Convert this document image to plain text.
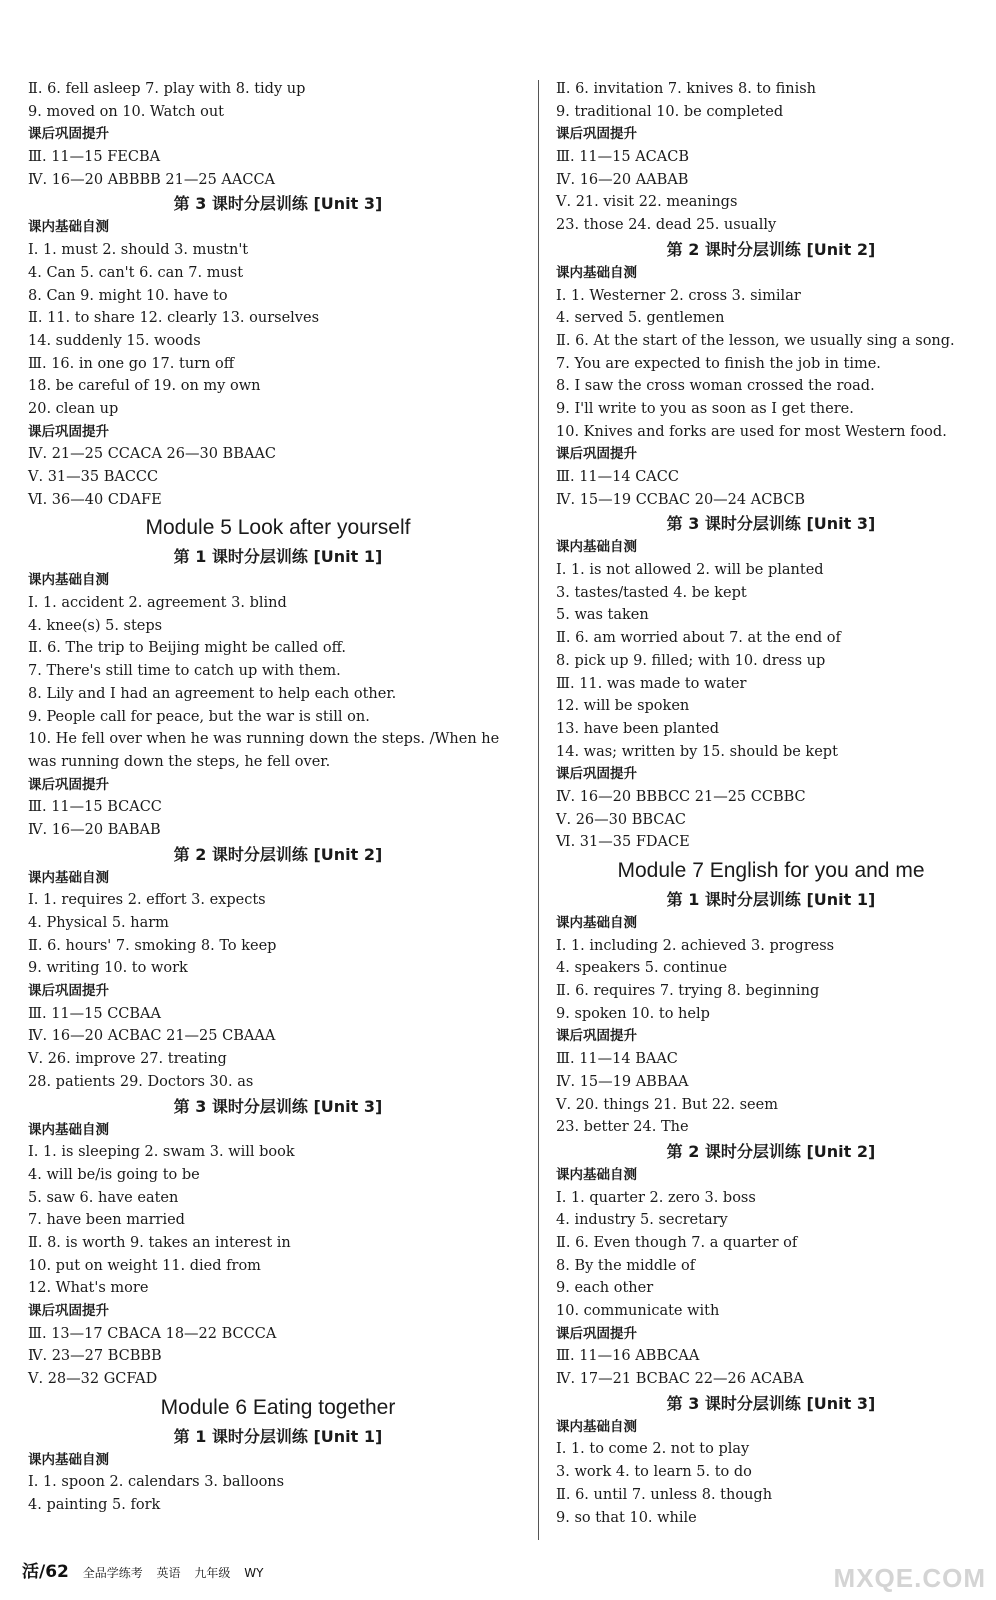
Ⅱ. 6. fell asleep 7. play with 8. tidy up
9. moved on 10. Watch out
课后巩固提升
Ⅲ. 11—15 FECBA
Ⅳ. 16—20 ABBBB 21—25 AACCA
第 3 课时分层训练 [Unit 3]
课内基础自测
Ⅰ. 1. must 2. should 3. mustn't
4. Can 5. can't 6. can 7. must
8. Can 9. might 10. have to
Ⅱ. 11. to share 12. clearly 13. ourselves
14. suddenly 15. woods
Ⅲ. 16. in one go 17. turn off
18. be careful of 19. on my own
20. clean up
课后巩固提升
Ⅳ. 21—25 CCACA 26—30 BBAAC
Ⅴ. 31—35 BACCC
Ⅵ. 36—40 CDAFE
Module 5 Look after yourself
第 1 课时分层训练 [Unit 1]
课内基础自测
Ⅰ. 1. accident 2. agreement 3. blind
4. knee(s) 5. steps
Ⅱ. 6. The trip to Beijing might be called off.
7. There's still time to catch up with them.
8. Lily and I had an agreement to help each other.
9. People call for peace, but the war is still on.
10. He fell over when he was running down the steps. /When he
was running down the steps, he fell over.
课后巩固提升
Ⅲ. 11—15 BCACC
Ⅳ. 16—20 BABAB
第 2 课时分层训练 [Unit 2]
课内基础自测
Ⅰ. 1. requires 2. effort 3. expects
4. Physical 5. harm
Ⅱ. 6. hours' 7. smoking 8. To keep
9. writing 10. to work
课后巩固提升
Ⅲ. 11—15 CCBAA
Ⅳ. 16—20 ACBAC 21—25 CBAAA
Ⅴ. 26. improve 27. treating
28. patients 29. Doctors 30. as
第 3 课时分层训练 [Unit 3]
课内基础自测
Ⅰ. 1. is sleeping 2. swam 3. will book
4. will be/is going to be
5. saw 6. have eaten
7. have been married
Ⅱ. 8. is worth 9. takes an interest in
10. put on weight 11. died from
12. What's more
课后巩固提升
Ⅲ. 13—17 CBACA 18—22 BCCCA
Ⅳ. 23—27 BCBBB
Ⅴ. 28—32 GCFAD
Module 6 Eating together
第 1 课时分层训练 [Unit 1]
课内基础自测
Ⅰ. 1. spoon 2. calendars 3. balloons
4. painting 5. fork
Ⅱ. 6. invitation 7. knives 8. to finish
9. traditional 10. be completed
课后巩固提升
Ⅲ. 11—15 ACACB
Ⅳ. 16—20 AABAB
Ⅴ. 21. visit 22. meanings
23. those 24. dead 25. usually
第 2 课时分层训练 [Unit 2]
课内基础自测
Ⅰ. 1. Westerner 2. cross 3. similar
4. served 5. gentlemen
Ⅱ. 6. At the start of the lesson, we usually sing a song.
7. You are expected to finish the job in time.
8. I saw the cross woman crossed the road.
9. I'll write to you as soon as I get there.
10. Knives and forks are used for most Western food.
课后巩固提升
Ⅲ. 11—14 CACC
Ⅳ. 15—19 CCBAC 20—24 ACBCB
第 3 课时分层训练 [Unit 3]
课内基础自测
Ⅰ. 1. is not allowed 2. will be planted
3. tastes/tasted 4. be kept
5. was taken
Ⅱ. 6. am worried about 7. at the end of
8. pick up 9. filled; with 10. dress up
Ⅲ. 11. was made to water
12. will be spoken
13. have been planted
14. was; written by 15. should be kept
课后巩固提升
Ⅳ. 16—20 BBBCC 21—25 CCBBC
Ⅴ. 26—30 BBCAC
Ⅵ. 31—35 FDACE
Module 7 English for you and me
第 1 课时分层训练 [Unit 1]
课内基础自测
Ⅰ. 1. including 2. achieved 3. progress
4. speakers 5. continue
Ⅱ. 6. requires 7. trying 8. beginning
9. spoken 10. to help
课后巩固提升
Ⅲ. 11—14 BAAC
Ⅳ. 15—19 ABBAA
Ⅴ. 20. things 21. But 22. seem
23. better 24. The
第 2 课时分层训练 [Unit 2]
课内基础自测
Ⅰ. 1. quarter 2. zero 3. boss
4. industry 5. secretary
Ⅱ. 6. Even though 7. a quarter of
8. By the middle of
9. each other
10. communicate with
课后巩固提升
Ⅲ. 11—16 ABBCAA
Ⅳ. 17—21 BCBAC 22—26 ACABA
第 3 课时分层训练 [Unit 3]
课内基础自测
Ⅰ. 1. to come 2. not to play
3. work 4. to learn 5. to do
Ⅱ. 6. until 7. unless 8. though
9. so that 10. while
活/62 全品学练考 英语 九年级 WY	MXQE.COM
